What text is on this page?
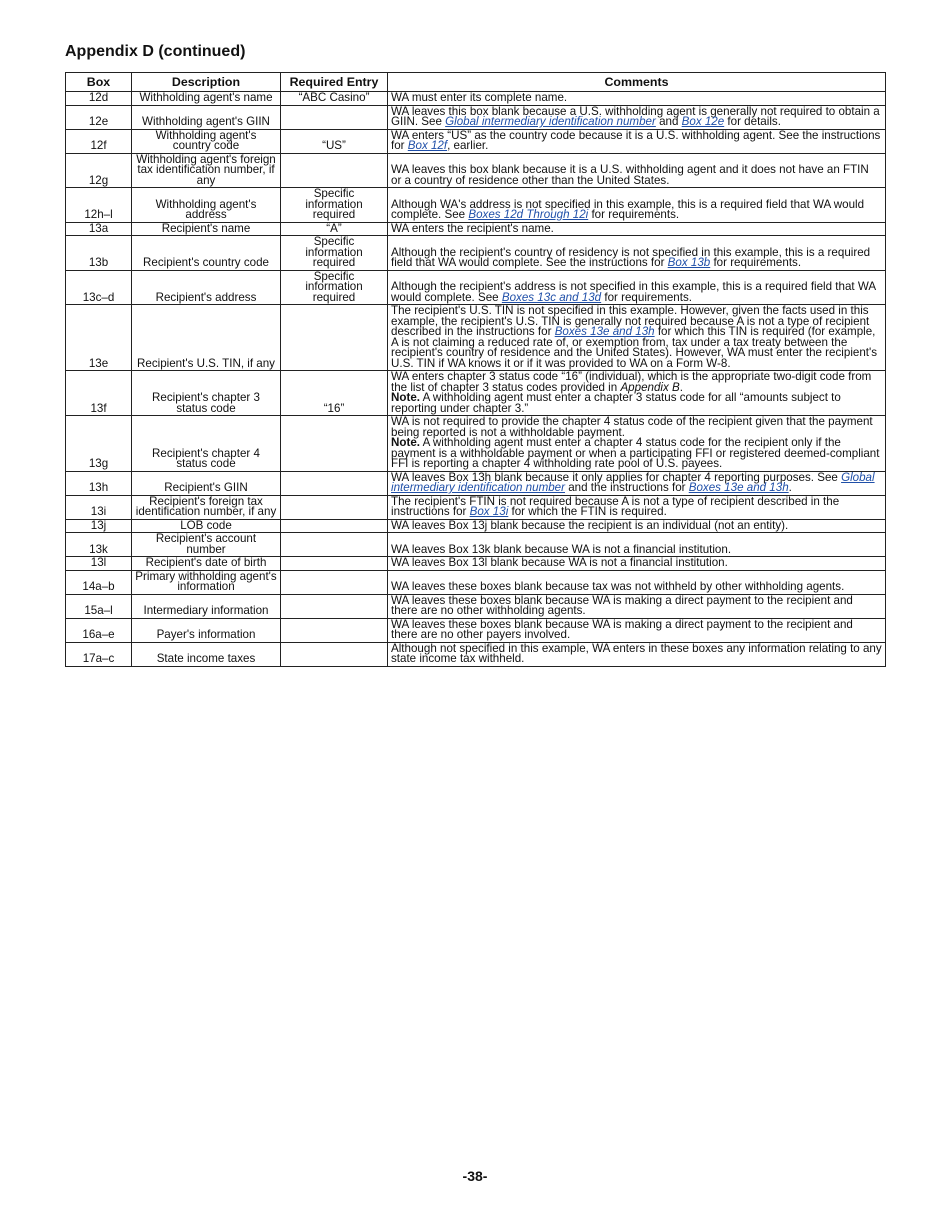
Appendix D (continued)
Box	Description	Required Entry	Comments
12d	Withholding agent's name	“ABC Casino”	WA must enter its complete name.
12e	Withholding agent's GIIN		WA leaves this box blank because a U.S. withholding agent is generally not required to obtain a GIIN. See Global intermediary identification number and Box 12e for details.
12f	Withholding agent's country code	“US”	WA enters “US” as the country code because it is a U.S. withholding agent. See the instructions for Box 12f, earlier.
12g	Withholding agent's foreign tax identification number, if any		WA leaves this box blank because it is a U.S. withholding agent and it does not have an FTIN or a country of residence other than the United States.
12h–l	Withholding agent's address	Specific information required	Although WA's address is not specified in this example, this is a required field that WA would complete. See Boxes 12d Through 12i for requirements.
13a	Recipient's name	“A”	WA enters the recipient's name.
13b	Recipient's country code	Specific information required	Although the recipient's country of residency is not specified in this example, this is a required field that WA would complete. See the instructions for Box 13b for requirements.
13c–d	Recipient's address	Specific information required	Although the recipient's address is not specified in this example, this is a required field that WA would complete. See Boxes 13c and 13d for requirements.
13e	Recipient's U.S. TIN, if any		The recipient's U.S. TIN is not specified in this example. However, given the facts used in this example, the recipient's U.S. TIN is generally not required because A is not a type of recipient described in the instructions for Boxes 13e and 13h for which this TIN is required (for example, A is not claiming a reduced rate of, or exemption from, tax under a tax treaty between the recipient's country of residence and the United States). However, WA must enter the recipient's U.S. TIN if WA knows it or if it was provided to WA on a Form W-8.
13f	Recipient's chapter 3 status code	“16”	WA enters chapter 3 status code “16” (individual), which is the appropriate two-digit code from the list of chapter 3 status codes provided in Appendix B.
Note. A withholding agent must enter a chapter 3 status code for all “amounts subject to reporting under chapter 3.”
13g	Recipient's chapter 4 status code		WA is not required to provide the chapter 4 status code of the recipient given that the payment being reported is not a withholdable payment.
Note. A withholding agent must enter a chapter 4 status code for the recipient only if the payment is a withholdable payment or when a participating FFI or registered deemed-compliant FFI is reporting a chapter 4 withholding rate pool of U.S. payees.
13h	Recipient's GIIN		WA leaves Box 13h blank because it only applies for chapter 4 reporting purposes. See Global intermediary identification number and the instructions for Boxes 13e and 13h.
13i	Recipient's foreign tax identification number, if any		The recipient's FTIN is not required because A is not a type of recipient described in the instructions for Box 13i for which the FTIN is required.
13j	LOB code		WA leaves Box 13j blank because the recipient is an individual (not an entity).
13k	Recipient's account number		WA leaves Box 13k blank because WA is not a financial institution.
13l	Recipient's date of birth		WA leaves Box 13l blank because WA is not a financial institution.
14a–b	Primary withholding agent's information		WA leaves these boxes blank because tax was not withheld by other withholding agents.
15a–l	Intermediary information		WA leaves these boxes blank because WA is making a direct payment to the recipient and there are no other withholding agents.
16a–e	Payer's information		WA leaves these boxes blank because WA is making a direct payment to the recipient and there are no other payers involved.
17a–c	State income taxes		Although not specified in this example, WA enters in these boxes any information relating to any state income tax withheld.
-38-
